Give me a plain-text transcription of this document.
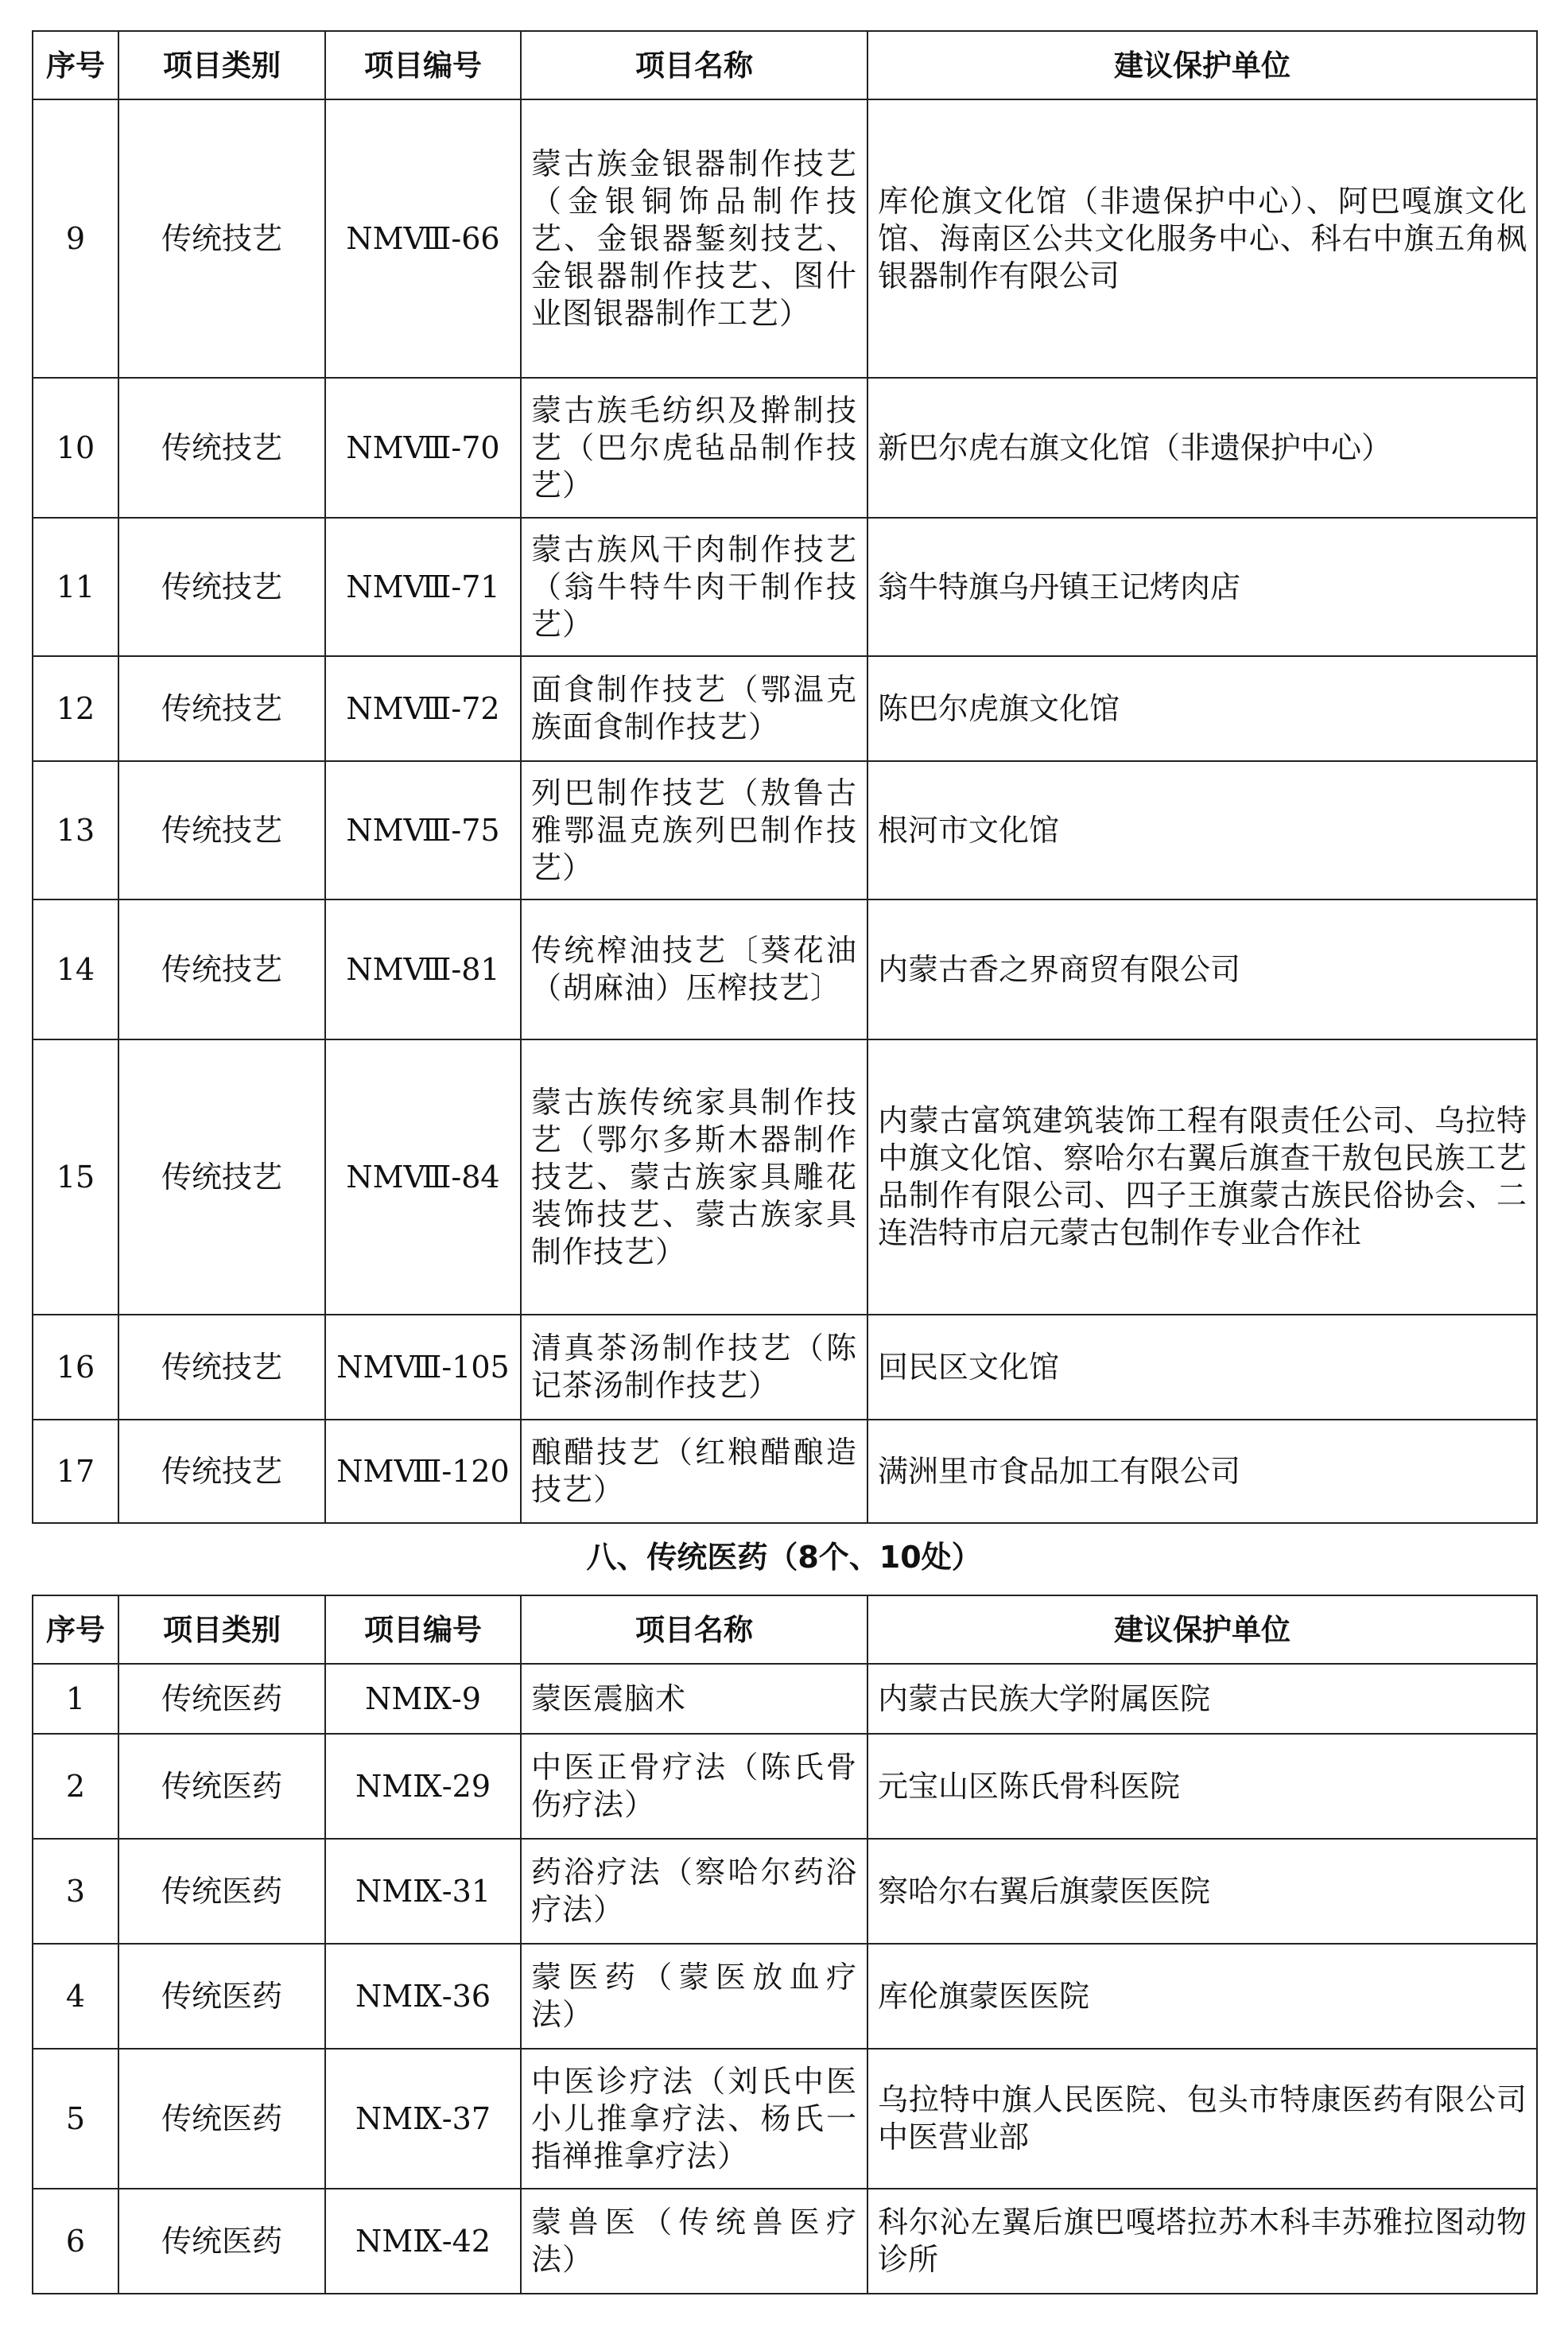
序号	项目类别	项目编号	项目名称	建议保护单位
9	传统技艺	NMⅧ-66	蒙古族金银器制作技艺（金银铜饰品制作技艺、金银器錾刻技艺、金银器制作技艺、图什业图银器制作工艺）	库伦旗文化馆（非遗保护中心）、阿巴嘎旗文化馆、海南区公共文化服务中心、科右中旗五角枫银器制作有限公司
10	传统技艺	NMⅧ-70	蒙古族毛纺织及擀制技艺（巴尔虎毡品制作技艺）	新巴尔虎右旗文化馆（非遗保护中心）
11	传统技艺	NMⅧ-71	蒙古族风干肉制作技艺（翁牛特牛肉干制作技艺）	翁牛特旗乌丹镇王记烤肉店
12	传统技艺	NMⅧ-72	面食制作技艺（鄂温克族面食制作技艺）	陈巴尔虎旗文化馆
13	传统技艺	NMⅧ-75	列巴制作技艺（敖鲁古雅鄂温克族列巴制作技艺）	根河市文化馆
14	传统技艺	NMⅧ-81	传统榨油技艺〔葵花油（胡麻油）压榨技艺〕	内蒙古香之界商贸有限公司
15	传统技艺	NMⅧ-84	蒙古族传统家具制作技艺（鄂尔多斯木器制作技艺、蒙古族家具雕花装饰技艺、蒙古族家具制作技艺）	内蒙古富筑建筑装饰工程有限责任公司、乌拉特中旗文化馆、察哈尔右翼后旗查干敖包民族工艺品制作有限公司、四子王旗蒙古族民俗协会、二连浩特市启元蒙古包制作专业合作社
16	传统技艺	NMⅧ-105	清真茶汤制作技艺（陈记茶汤制作技艺）	回民区文化馆
17	传统技艺	NMⅧ-120	酿醋技艺（红粮醋酿造技艺）	满洲里市食品加工有限公司
八、传统医药（8个、10处）
序号	项目类别	项目编号	项目名称	建议保护单位
1	传统医药	NMⅨ-9	蒙医震脑术	内蒙古民族大学附属医院
2	传统医药	NMⅨ-29	中医正骨疗法（陈氏骨伤疗法）	元宝山区陈氏骨科医院
3	传统医药	NMⅨ-31	药浴疗法（察哈尔药浴疗法）	察哈尔右翼后旗蒙医医院
4	传统医药	NMⅨ-36	蒙医药（蒙医放血疗法）	库伦旗蒙医医院
5	传统医药	NMⅨ-37	中医诊疗法（刘氏中医小儿推拿疗法、杨氏一指禅推拿疗法）	乌拉特中旗人民医院、包头市特康医药有限公司中医营业部
6	传统医药	NMⅨ-42	蒙兽医（传统兽医疗法）	科尔沁左翼后旗巴嘎塔拉苏木科丰苏雅拉图动物诊所
